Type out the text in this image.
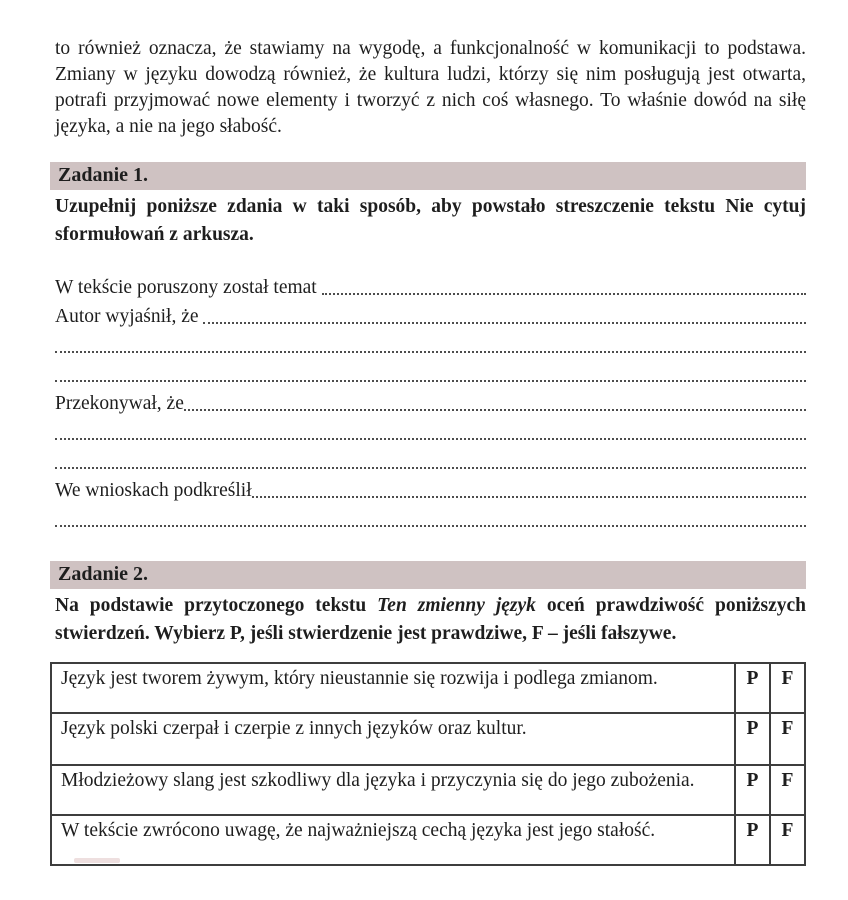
to również oznacza, że stawiamy na wygodę, a funkcjonalność w komunikacji to podstawa. Zmiany w języku dowodzą również, że kultura ludzi, którzy się nim posługują jest otwarta, potrafi przyjmować nowe elementy i tworzyć z nich coś własnego. To właśnie dowód na siłę języka, a nie na jego słabość.

Zadanie 1.
Uzupełnij poniższe zdania w taki sposób, aby powstało streszczenie tekstu Nie cytuj sformułowań z arkusza.
W tekście poruszony został temat
Autor wyjaśnił, że
Przekonywał, że
We wnioskach podkreślił
Zadanie 2.
Na podstawie przytoczonego tekstu Ten zmienny język oceń prawdziwość poniższych stwierdzeń. Wybierz P, jeśli stwierdzenie jest prawdziwe, F – jeśli fałszywe.
Język jest tworem żywym, który nieustannie się rozwija i podlega zmianom.	P	F
Język polski czerpał i czerpie z innych języków oraz kultur.	P	F
Młodzieżowy slang jest szkodliwy dla języka i przyczynia się do jego zubożenia.	P	F
W tekście zwrócono uwagę, że najważniejszą cechą języka jest jego stałość.	P	F
